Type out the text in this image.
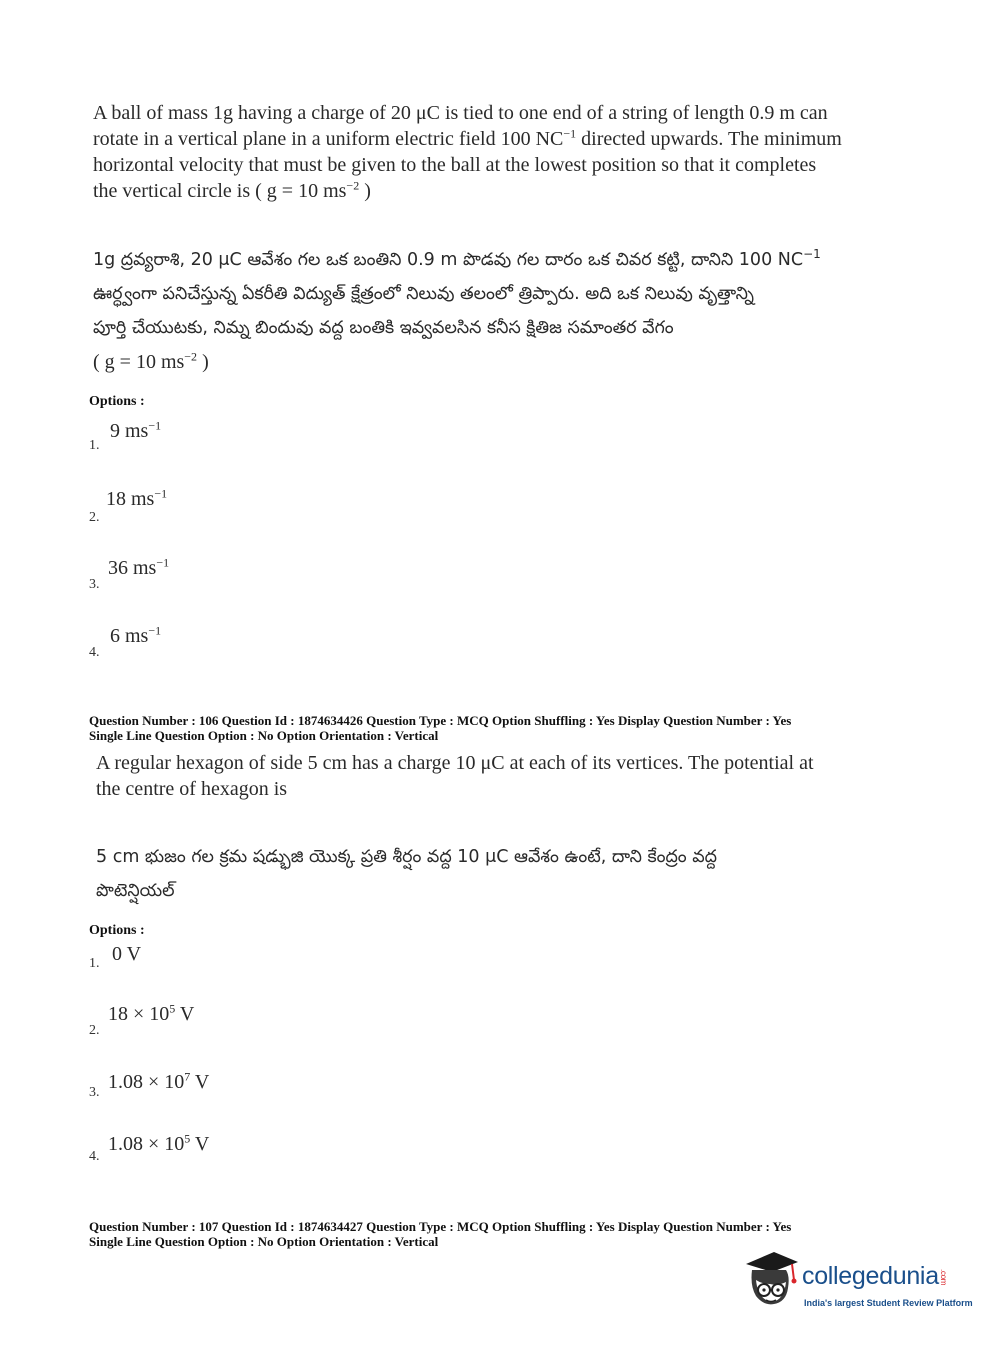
A ball of mass 1g having a charge of 20 μC is tied to one end of a string of length 0.9 m can
rotate in a vertical plane in a uniform electric field 100 $NC^{-1}$ directed upwards. The minimum
horizontal velocity that must be given to the ball at the lowest position so that it completes
the vertical circle is ( g = 10 $ms^{-2}$ )
1g ద్రవ్యరాశి, 20 μC ఆవేశం గల ఒక బంతిని 0.9 m పొడవు గల దారం ఒక చివర కట్టి, దానిని 100 $NC^{-1}$
ఊర్ధ్వంగా పనిచేస్తున్న ఏకరీతి విద్యుత్ క్షేత్రంలో నిలువు తలంలో త్రిప్పారు. అది ఒక నిలువు వృత్తాన్ని
పూర్తి చేయుటకు, నిమ్న బిందువు వద్ద బంతికి ఇవ్వవలసిన కనీస క్షితిజ సమాంతర వేగం
( g = 10 $ms^{-2}$ )
Options :
1.
9 $ms^{-1}$
2.
18 $ms^{-1}$
3.
36 $ms^{-1}$
4.
6 $ms^{-1}$
Question Number : 106 Question Id : 1874634426 Question Type : MCQ Option Shuffling : Yes Display Question Number : Yes
Single Line Question Option : No Option Orientation : Vertical
A regular hexagon of side 5 cm has a charge 10 μC at each of its vertices. The potential at
the centre of hexagon is
5 cm భుజం గల క్రమ షడ్భుజి యొక్క ప్రతి శీర్షం వద్ద 10 μC ఆవేశం ఉంటే, దాని కేంద్రం వద్ద
పొటెన్షియల్
Options :
1. 0 V
2.
$18 \times 10^5$ V
3. $1.08 \times 10^7$ V
4.
$1.08 \times 10^5$ V
Question Number : 107 Question Id : 1874634427 Question Type : MCQ Option Shuffling : Yes Display Question Number : Yes
Single Line Question Option : No Option Orientation : Vertical
collegedunia.com
India's largest Student Review Platform
